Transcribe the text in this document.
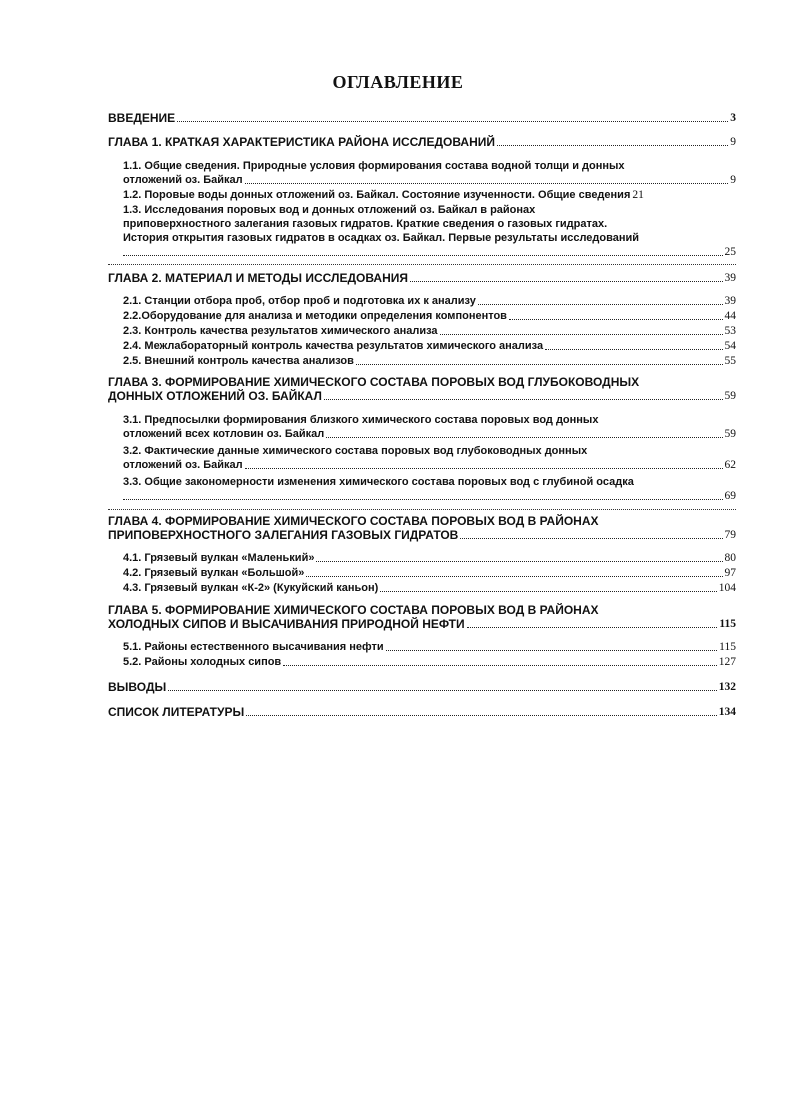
ОГЛАВЛЕНИЕ
ВВЕДЕНИЕ	3
ГЛАВА 1. КРАТКАЯ ХАРАКТЕРИСТИКА РАЙОНА ИССЛЕДОВАНИЙ	9
1.1. Общие сведения. Природные условия формирования состава водной толщи и донных
отложений оз. Байкал	9
1.2. Поровые воды донных отложений оз. Байкал. Состояние изученности. Общие сведения 21
1.3. Исследования поровых вод и донных отложений оз. Байкал в районах
приповерхностного залегания газовых гидратов. Краткие сведения о газовых гидратах.
История открытия газовых гидратов в осадках оз. Байкал. Первые результаты исследований
25
ГЛАВА 2. МАТЕРИАЛ И МЕТОДЫ ИССЛЕДОВАНИЯ	39
2.1. Станции отбора проб, отбор проб и подготовка их к анализу	39
2.2.Оборудование для анализа и методики определения компонентов	44
2.3. Контроль качества результатов химического анализа	53
2.4. Межлабораторный контроль качества результатов химического анализа	54
2.5. Внешний контроль качества анализов	55
ГЛАВА 3. ФОРМИРОВАНИЕ ХИМИЧЕСКОГО СОСТАВА ПОРОВЫХ ВОД ГЛУБОКОВОДНЫХ
ДОННЫХ ОТЛОЖЕНИЙ ОЗ. БАЙКАЛ	59
3.1. Предпосылки формирования близкого химического состава поровых вод донных
отложений всех котловин оз. Байкал	59
3.2. Фактические данные химического состава поровых вод глубоководных донных
отложений оз. Байкал	62
3.3. Общие закономерности изменения химического состава поровых вод с глубиной осадка
69
ГЛАВА 4. ФОРМИРОВАНИЕ ХИМИЧЕСКОГО СОСТАВА ПОРОВЫХ ВОД В РАЙОНАХ
ПРИПОВЕРХНОСТНОГО ЗАЛЕГАНИЯ ГАЗОВЫХ ГИДРАТОВ	79
4.1. Грязевый вулкан «Маленький»	80
4.2. Грязевый вулкан «Большой»	97
4.3. Грязевый вулкан «К-2» (Кукуйский каньон)	104
ГЛАВА 5. ФОРМИРОВАНИЕ ХИМИЧЕСКОГО СОСТАВА ПОРОВЫХ ВОД В РАЙОНАХ
ХОЛОДНЫХ СИПОВ И ВЫСАЧИВАНИЯ ПРИРОДНОЙ НЕФТИ	115
5.1. Районы естественного высачивания нефти	115
5.2. Районы холодных сипов	127
ВЫВОДЫ	132
СПИСОК ЛИТЕРАТУРЫ	134
